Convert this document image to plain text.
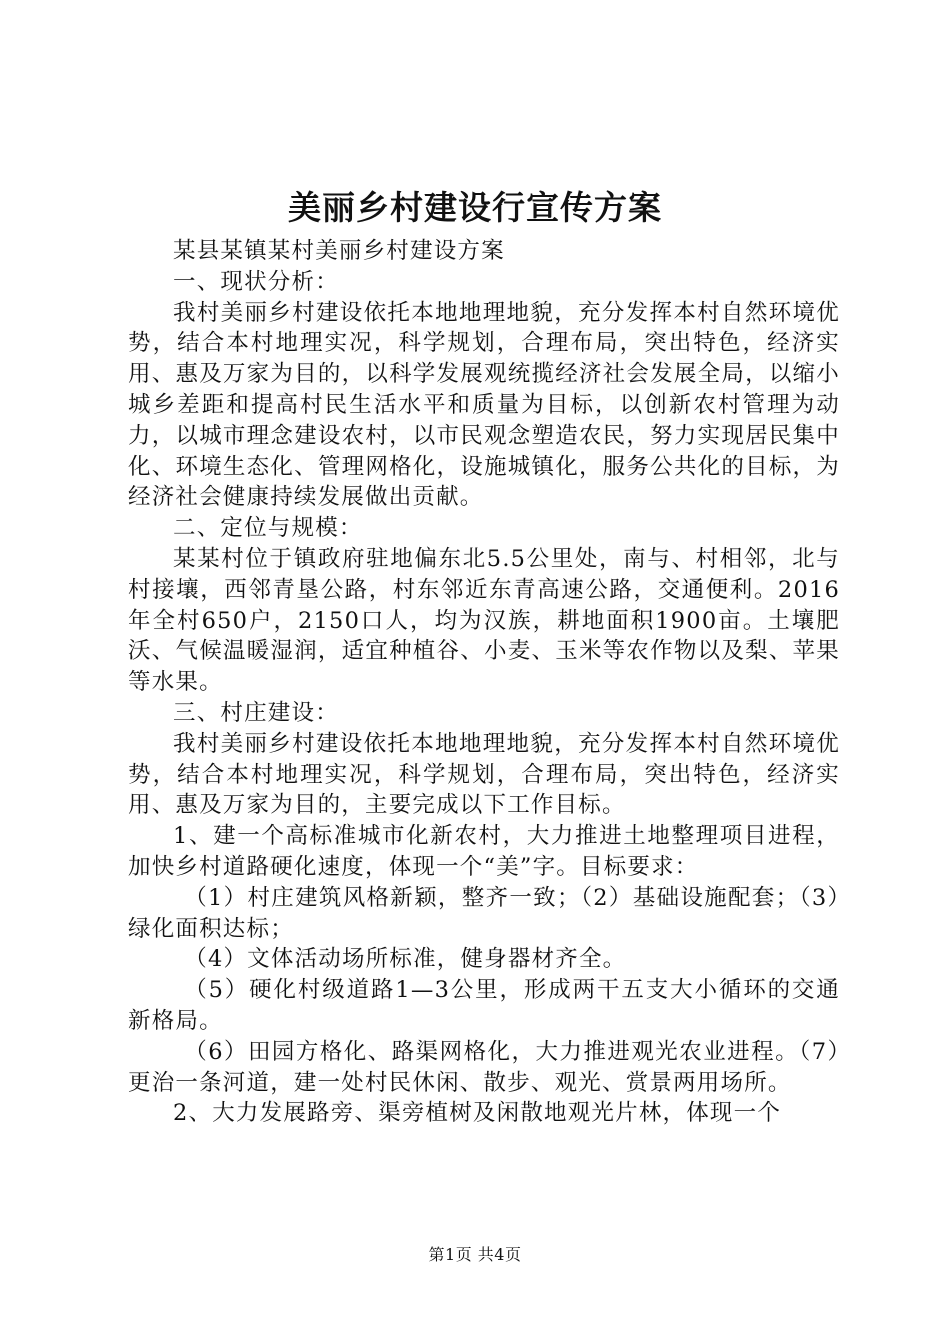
美丽乡村建设行宣传方案

某县某镇某村美丽乡村建设方案

一、现状分析：

我村美丽乡村建设依托本地地理地貌，充分发挥本村自然环境优势，结合本村地理实况，科学规划，合理布局，突出特色，经济实用、惠及万家为目的，以科学发展观统揽经济社会发展全局，以缩小城乡差距和提高村民生活水平和质量为目标，以创新农村管理为动力，以城市理念建设农村，以市民观念塑造农民，努力实现居民集中化、环境生态化、管理网格化，设施城镇化，服务公共化的目标，为经济社会健康持续发展做出贡献。

二、定位与规模：

某某村位于镇政府驻地偏东北5.5公里处，南与、村相邻，北与村接壤，西邻青垦公路，村东邻近东青高速公路，交通便利。2016年全村650户，2150口人，均为汉族，耕地面积1900亩。土壤肥沃、气候温暖湿润，适宜种植谷、小麦、玉米等农作物以及梨、苹果等水果。

三、村庄建设：

我村美丽乡村建设依托本地地理地貌，充分发挥本村自然环境优势，结合本村地理实况，科学规划，合理布局，突出特色，经济实用、惠及万家为目的，主要完成以下工作目标。

1、建一个高标准城市化新农村，大力推进土地整理项目进程，加快乡村道路硬化速度，体现一个“美”字。目标要求：

（1）村庄建筑风格新颖，整齐一致；（2）基础设施配套；（3）绿化面积达标；

（4）文体活动场所标准，健身器材齐全。

（5）硬化村级道路1—3公里，形成两干五支大小循环的交通新格局。

（6）田园方格化、路渠网格化，大力推进观光农业进程。（7）更治一条河道，建一处村民休闲、散步、观光、赏景两用场所。

2、大力发展路旁、渠旁植树及闲散地观光片林，体现一个

第1页 共4页
